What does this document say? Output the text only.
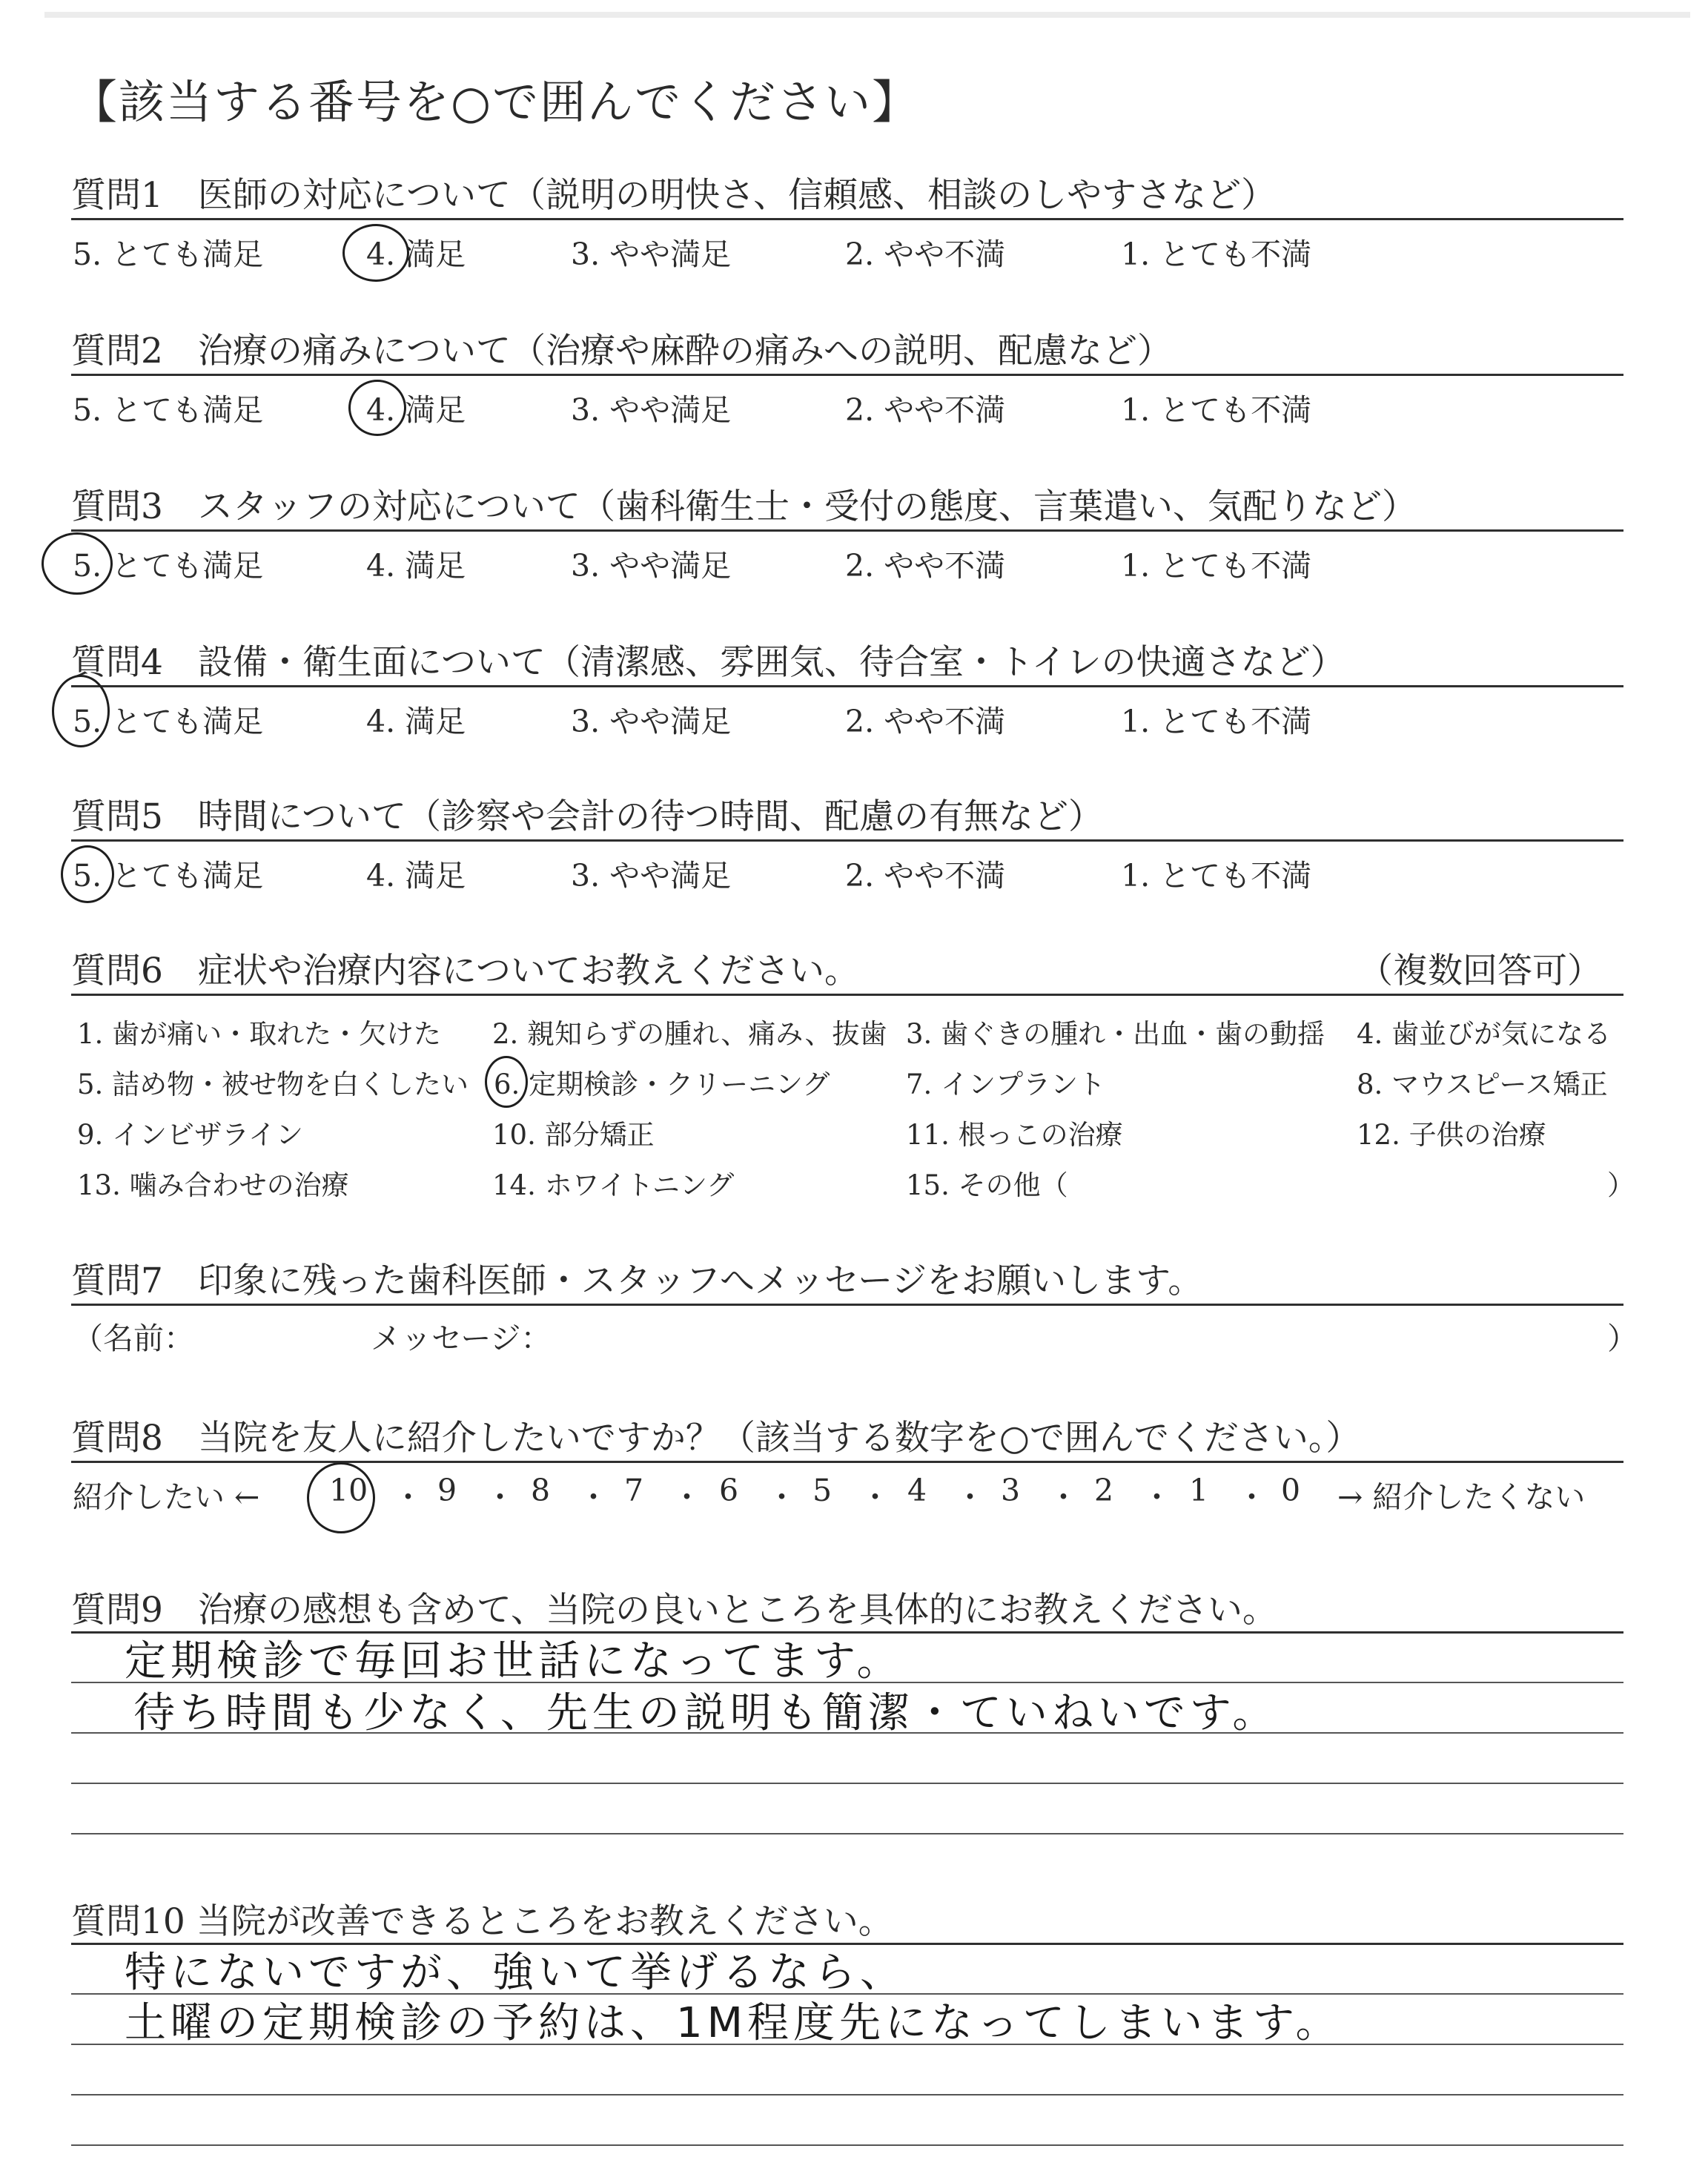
【該当する番号を○で囲んでください】
質問1　医師の対応について（説明の明快さ、信頼感、相談のしやすさなど）
5. とても満足	4. 満足	3. やや満足	2. やや不満	1. とても不満
質問2　治療の痛みについて（治療や麻酔の痛みへの説明、配慮など）
5. とても満足	4. 満足	3. やや満足	2. やや不満	1. とても不満
質問3　スタッフの対応について（歯科衛生士・受付の態度、言葉遣い、気配りなど）
5. とても満足	4. 満足	3. やや満足	2. やや不満	1. とても不満
質問4　設備・衛生面について（清潔感、雰囲気、待合室・トイレの快適さなど）
5. とても満足	4. 満足	3. やや満足	2. やや不満	1. とても不満
質問5　時間について（診察や会計の待つ時間、配慮の有無など）
5. とても満足	4. 満足	3. やや満足	2. やや不満	1. とても不満
質問6　症状や治療内容についてお教えください。	（複数回答可）
1. 歯が痛い・取れた・欠けた 2. 親知らずの腫れ、痛み、抜歯 3. 歯ぐきの腫れ・出血・歯の動揺 4. 歯並びが気になる
5. 詰め物・被せ物を白くしたい 6. 定期検診・クリーニング	7. インプラント	8. マウスピース矯正
9. インビザライン	10. 部分矯正	11. 根っこの治療	12. 子供の治療
13. 噛み合わせの治療	14. ホワイトニング	15. その他（	）
質問7　印象に残った歯科医師・スタッフへメッセージをお願いします。
（名前：	メッセージ：	）
質問8　当院を友人に紹介したいですか？（該当する数字を○で囲んでください。）
紹介したい ← 10 ・ 9 ・ 8 ・ 7 ・ 6 ・ 5 ・ 4 ・ 3 ・ 2 ・ 1 ・ 0 → 紹介したくない
質問9　治療の感想も含めて、当院の良いところを具体的にお教えください。
定期検診で毎回お世話になってます。
待ち時間も少なく、先生の説明も簡潔・ていねいです。
質問10 当院が改善できるところをお教えください。
特にないですが、強いて挙げるなら、
土曜の定期検診の予約は、1M程度先になってしまいます。
